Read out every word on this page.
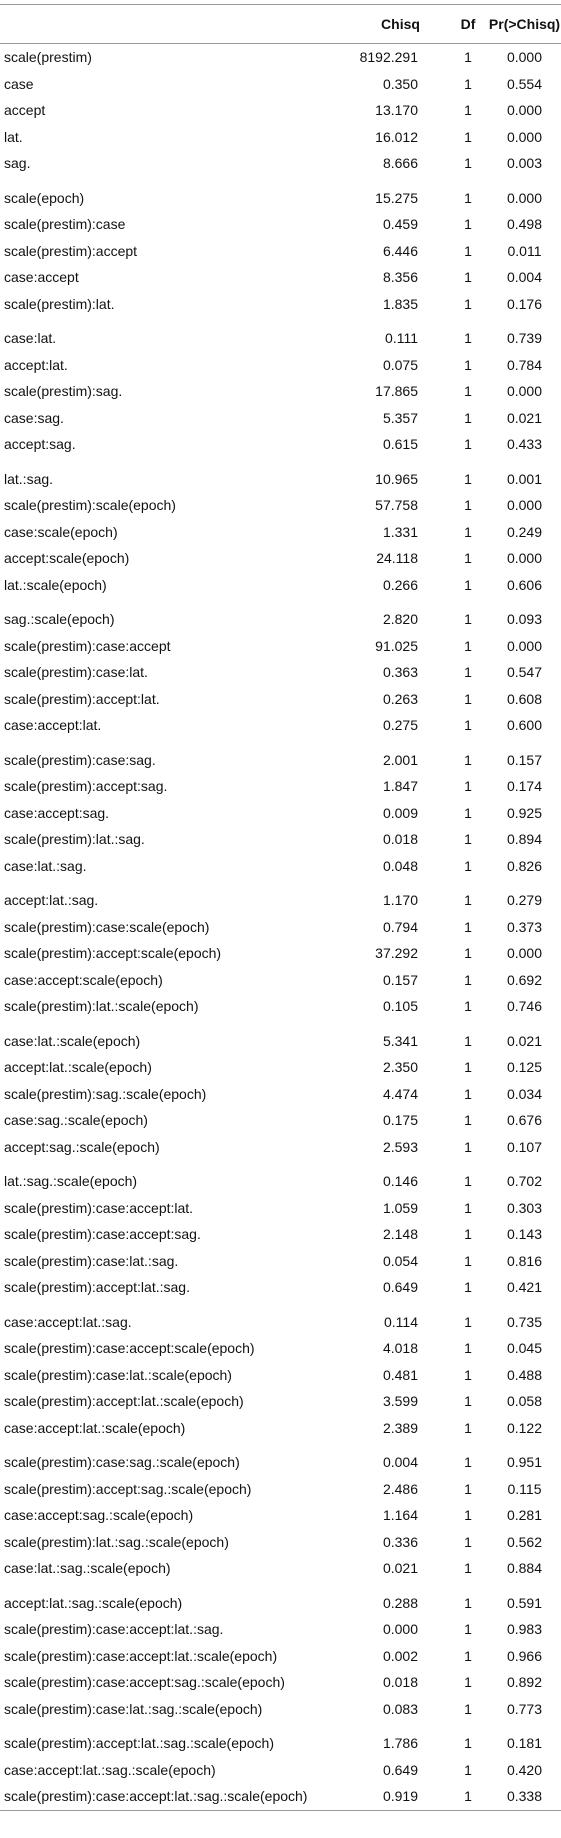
	Chisq	Df	Pr(>Chisq)
scale(prestim)	8192.291	1	0.000
case	0.350	1	0.554
accept	13.170	1	0.000
lat.	16.012	1	0.000
sag.	8.666	1	0.003
scale(epoch)	15.275	1	0.000
scale(prestim):case	0.459	1	0.498
scale(prestim):accept	6.446	1	0.011
case:accept	8.356	1	0.004
scale(prestim):lat.	1.835	1	0.176
case:lat.	0.111	1	0.739
accept:lat.	0.075	1	0.784
scale(prestim):sag.	17.865	1	0.000
case:sag.	5.357	1	0.021
accept:sag.	0.615	1	0.433
lat.:sag.	10.965	1	0.001
scale(prestim):scale(epoch)	57.758	1	0.000
case:scale(epoch)	1.331	1	0.249
accept:scale(epoch)	24.118	1	0.000
lat.:scale(epoch)	0.266	1	0.606
sag.:scale(epoch)	2.820	1	0.093
scale(prestim):case:accept	91.025	1	0.000
scale(prestim):case:lat.	0.363	1	0.547
scale(prestim):accept:lat.	0.263	1	0.608
case:accept:lat.	0.275	1	0.600
scale(prestim):case:sag.	2.001	1	0.157
scale(prestim):accept:sag.	1.847	1	0.174
case:accept:sag.	0.009	1	0.925
scale(prestim):lat.:sag.	0.018	1	0.894
case:lat.:sag.	0.048	1	0.826
accept:lat.:sag.	1.170	1	0.279
scale(prestim):case:scale(epoch)	0.794	1	0.373
scale(prestim):accept:scale(epoch)	37.292	1	0.000
case:accept:scale(epoch)	0.157	1	0.692
scale(prestim):lat.:scale(epoch)	0.105	1	0.746
case:lat.:scale(epoch)	5.341	1	0.021
accept:lat.:scale(epoch)	2.350	1	0.125
scale(prestim):sag.:scale(epoch)	4.474	1	0.034
case:sag.:scale(epoch)	0.175	1	0.676
accept:sag.:scale(epoch)	2.593	1	0.107
lat.:sag.:scale(epoch)	0.146	1	0.702
scale(prestim):case:accept:lat.	1.059	1	0.303
scale(prestim):case:accept:sag.	2.148	1	0.143
scale(prestim):case:lat.:sag.	0.054	1	0.816
scale(prestim):accept:lat.:sag.	0.649	1	0.421
case:accept:lat.:sag.	0.114	1	0.735
scale(prestim):case:accept:scale(epoch)	4.018	1	0.045
scale(prestim):case:lat.:scale(epoch)	0.481	1	0.488
scale(prestim):accept:lat.:scale(epoch)	3.599	1	0.058
case:accept:lat.:scale(epoch)	2.389	1	0.122
scale(prestim):case:sag.:scale(epoch)	0.004	1	0.951
scale(prestim):accept:sag.:scale(epoch)	2.486	1	0.115
case:accept:sag.:scale(epoch)	1.164	1	0.281
scale(prestim):lat.:sag.:scale(epoch)	0.336	1	0.562
case:lat.:sag.:scale(epoch)	0.021	1	0.884
accept:lat.:sag.:scale(epoch)	0.288	1	0.591
scale(prestim):case:accept:lat.:sag.	0.000	1	0.983
scale(prestim):case:accept:lat.:scale(epoch)	0.002	1	0.966
scale(prestim):case:accept:sag.:scale(epoch)	0.018	1	0.892
scale(prestim):case:lat.:sag.:scale(epoch)	0.083	1	0.773
scale(prestim):accept:lat.:sag.:scale(epoch)	1.786	1	0.181
case:accept:lat.:sag.:scale(epoch)	0.649	1	0.420
scale(prestim):case:accept:lat.:sag.:scale(epoch)	0.919	1	0.338
